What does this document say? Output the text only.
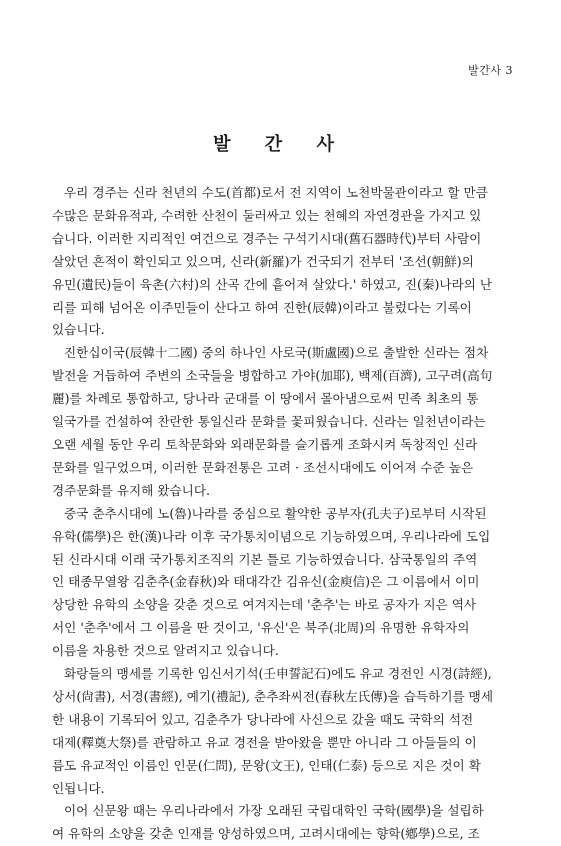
발간사 3
발 간 사
우리 경주는 신라 천년의 수도(首都)로서 전 지역이 노천박물관이라고 할 만큼
수많은 문화유적과, 수려한 산천이 둘러싸고 있는 천혜의 자연경관을 가지고 있
습니다. 이러한 지리적인 여건으로 경주는 구석기시대(舊石器時代)부터 사람이
살았던 흔적이 확인되고 있으며, 신라(新羅)가 건국되기 전부터 '조선(朝鮮)의
유민(遺民)들이 육촌(六村)의 산곡 간에 흩어져 살았다.' 하였고, 진(秦)나라의 난
리를 피해 넘어온 이주민들이 산다고 하여 진한(辰韓)이라고 불렀다는 기록이
있습니다.
진한십이국(辰韓十二國) 중의 하나인 사로국(斯盧國)으로 출발한 신라는 점차
발전을 거듭하여 주변의 소국들을 병합하고 가야(加耶), 백제(百濟), 고구려(高句
麗)를 차례로 통합하고, 당나라 군대를 이 땅에서 몰아냄으로써 민족 최초의 통
일국가를 건설하여 찬란한 통일신라 문화를 꽃피웠습니다. 신라는 일천년이라는
오랜 세월 동안 우리 토착문화와 외래문화를 슬기롭게 조화시켜 독창적인 신라
문화를 일구었으며, 이러한 문화전통은 고려 · 조선시대에도 이어져 수준 높은
경주문화를 유지해 왔습니다.
중국 춘추시대에 노(魯)나라를 중심으로 활약한 공부자(孔夫子)로부터 시작된
유학(儒學)은 한(漢)나라 이후 국가통치이념으로 기능하였으며, 우리나라에 도입
된 신라시대 이래 국가통치조직의 기본 틀로 기능하였습니다. 삼국통일의 주역
인 태종무열왕 김춘추(金春秋)와 태대각간 김유신(金庾信)은 그 이름에서 이미
상당한 유학의 소양을 갖춘 것으로 여겨지는데 '춘추'는 바로 공자가 지은 역사
서인 '춘추'에서 그 이름을 딴 것이고, '유신'은 북주(北周)의 유명한 유학자의
이름을 차용한 것으로 알려지고 있습니다.
화랑들의 맹세를 기록한 임신서기석(壬申誓記石)에도 유교 경전인 시경(詩經),
상서(尙書), 서경(書經), 예기(禮記), 춘추좌씨전(春秋左氏傳)을 습득하기를 맹세
한 내용이 기록되어 있고, 김춘추가 당나라에 사신으로 갔을 때도 국학의 석전
대제(釋奠大祭)를 관람하고 유교 경전을 받아왔을 뿐만 아니라 그 아들들의 이
름도 유교적인 이름인 인문(仁問), 문왕(文王), 인태(仁泰) 등으로 지은 것이 확
인됩니다.
이어 신문왕 때는 우리나라에서 가장 오래된 국립대학인 국학(國學)을 설립하
여 유학의 소양을 갖춘 인재를 양성하였으며, 고려시대에는 향학(鄕學)으로, 조
